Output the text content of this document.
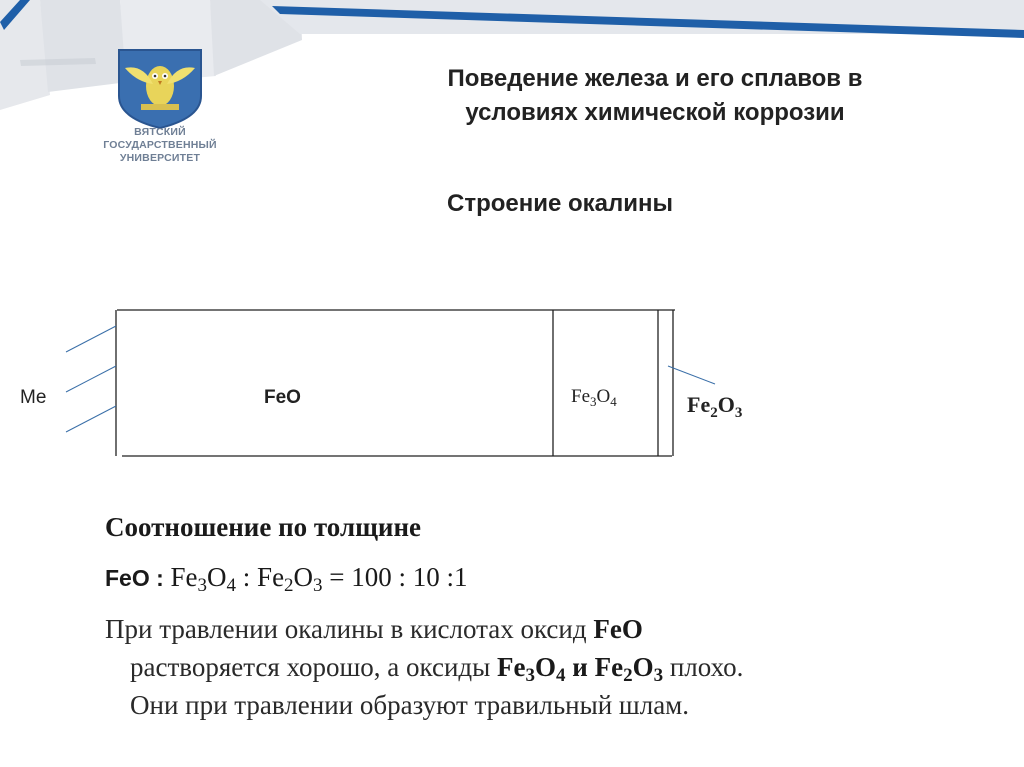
ВЯТСКИЙ
ГОСУДАРСТВЕННЫЙ
УНИВЕРСИТЕТ
Поведение железа и его сплавов в
условиях химической коррозии
Строение окалины
Me	FeO	$Fe_3O_4$	$Fe_2O_3$
Соотношение по толщине
FeO : $Fe_3O_4$ : $Fe_2O_3 = 100$ : 10 :1
При травлении окалины в кислотах оксид FeO
растворяется хорошо, а оксиды $Fe_3O_4$ и $Fe_2O_3$ плохо.
Они при травлении образуют травильный шлам.
